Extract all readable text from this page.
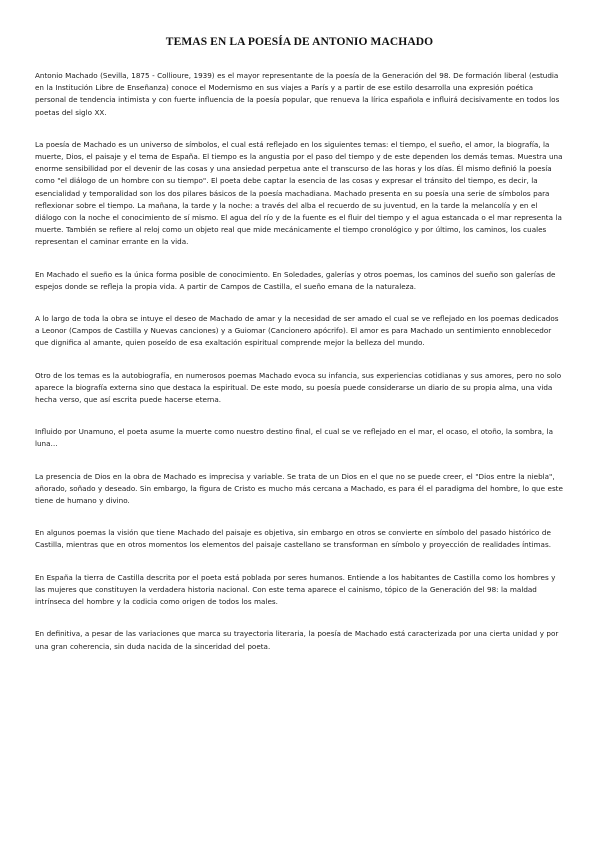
TEMAS EN LA POESÍA DE ANTONIO MACHADO

Antonio Machado (Sevilla, 1875 - Collioure, 1939) es el mayor representante de la poesía de la Generación del 98. De formación liberal (estudia en la Institución Libre de Enseñanza) conoce el Modernismo en sus viajes a París y a partir de ese estilo desarrolla una expresión poética personal de tendencia intimista y con fuerte influencia de la poesía popular, que renueva la lírica española e influirá decisivamente en todos los poetas del siglo XX.

La poesía de Machado es un universo de símbolos, el cual está reflejado en los siguientes temas: el tiempo, el sueño, el amor, la biografía, la muerte, Dios, el paisaje y el tema de España. El tiempo es la angustia por el paso del tiempo y de este dependen los demás temas. Muestra una enorme sensibilidad por el devenir de las cosas y una ansiedad perpetua ante el transcurso de las horas y los días. Él mismo definió la poesía como "el diálogo de un hombre con su tiempo". El poeta debe captar la esencia de las cosas y expresar el tránsito del tiempo, es decir, la esencialidad y temporalidad son los dos pilares básicos de la poesía machadiana. Machado presenta en su poesía una serie de símbolos para reflexionar sobre el tiempo. La mañana, la tarde y la noche: a través del alba el recuerdo de su juventud, en la tarde la melancolía y en el diálogo con la noche el conocimiento de sí mismo. El agua del río y de la fuente es el fluir del tiempo y el agua estancada o el mar representa la muerte. También se refiere al reloj como un objeto real que mide mecánicamente el tiempo cronológico y por último, los caminos, los cuales representan el caminar errante en la vida.

En Machado el sueño es la única forma posible de conocimiento. En Soledades, galerías y otros poemas, los caminos del sueño son galerías de espejos donde se refleja la propia vida. A partir de Campos de Castilla, el sueño emana de la naturaleza.

A lo largo de toda la obra se intuye el deseo de Machado de amar y la necesidad de ser amado el cual se ve reflejado en los poemas dedicados a Leonor (Campos de Castilla y Nuevas canciones) y a Guiomar (Cancionero apócrifo). El amor es para Machado un sentimiento ennoblecedor que dignifica al amante, quien poseído de esa exaltación espiritual comprende mejor la belleza del mundo.

Otro de los temas es la autobiografía, en numerosos poemas Machado evoca su infancia, sus experiencias cotidianas y sus amores, pero no solo aparece la biografía externa sino que destaca la espiritual. De este modo, su poesía puede considerarse un diario de su propia alma, una vida hecha verso, que así escrita puede hacerse eterna.

Influido por Unamuno, el poeta asume la muerte como nuestro destino final, el cual se ve reflejado en el mar, el ocaso, el otoño, la sombra, la luna…

La presencia de Dios en la obra de Machado es imprecisa y variable. Se trata de un Dios en el que no se puede creer, el "Dios entre la niebla", añorado, soñado y deseado. Sin embargo, la figura de Cristo es mucho más cercana a Machado, es para él el paradigma del hombre, lo que este tiene de humano y divino.

En algunos poemas la visión que tiene Machado del paisaje es objetiva, sin embargo en otros se convierte en símbolo del pasado histórico de Castilla, mientras que en otros momentos los elementos del paisaje castellano se transforman en símbolo y proyección de realidades íntimas.

En España la tierra de Castilla descrita por el poeta está poblada por seres humanos. Entiende a los habitantes de Castilla como los hombres y las mujeres que constituyen la verdadera historia nacional. Con este tema aparece el cainismo, tópico de la Generación del 98: la maldad intrínseca del hombre y la codicia como origen de todos los males.

En definitiva, a pesar de las variaciones que marca su trayectoria literaria, la poesía de Machado está caracterizada por una cierta unidad y por una gran coherencia, sin duda nacida de la sinceridad del poeta.
